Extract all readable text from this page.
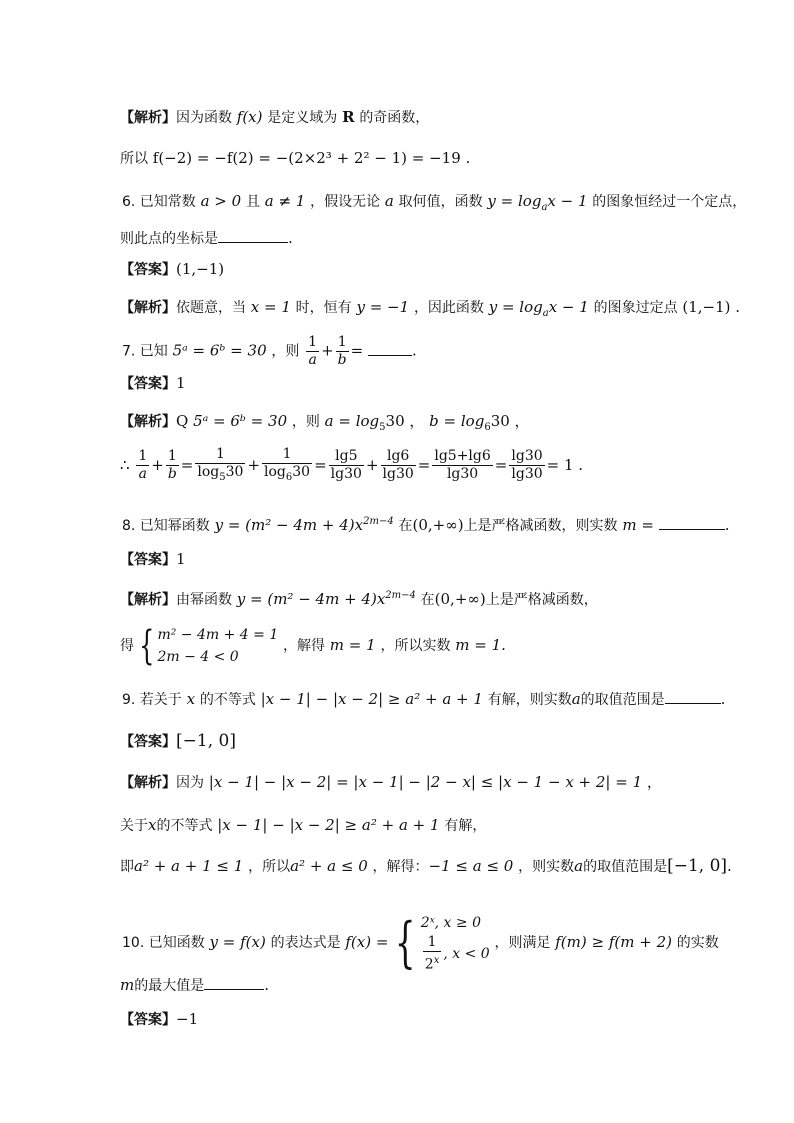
【解析】因为函数 f(x) 是定义域为 R 的奇函数，
所以 f(−2) = −f(2) = −(2×2³ + 2² − 1) = −19 .
6. 已知常数 a > 0 且 a ≠ 1 ，假设无论 a 取何值，函数 $y = \log_ax - 1$ 的图象恒经过一个定点，
则此点的坐标是	.
【答案】(1,−1)
【解析】依题意，当 x = 1 时，恒有 y = −1 ，因此函数 $y = \log_ax - 1$ 的图象过定点 (1,−1) .
7. 已知 5ᵃ = 6ᵇ = 30 ，则 $\frac{1}{a} + \frac{1}{b}$ =	.
【答案】1
【解析】Q 5ᵃ = 6ᵇ = 30 ，则 $a = \log_530$ ， $b = \log_630$ ，
∴ $\frac{1}{a} + \frac{1}{b} = \frac{1}{\log_530} + \frac{1}{\log_630} = \frac{\lg 5}{\lg 30} + \frac{\lg 6}{\lg 30} = \frac{\lg 5+\lg 6}{\lg 30} = \frac{\lg 30}{\lg 30} = 1$ .
8. 已知幂函数 $y = (m^2 - 4m + 4)x^{2m-4}$ 在(0,+∞)上是严格减函数，则实数 m =	.
【答案】1
【解析】由幂函数 $y = (m^2 - 4m + 4)x^{2m-4}$ 在(0,+∞)上是严格减函数，
得 { m² − 4m + 4 = 1
2m − 4 < 0 ，解得 m = 1 ，所以实数 m = 1.
9. 若关于 x 的不等式 |x − 1| − |x − 2| ≥ a² + a + 1 有解，则实数a的取值范围是	.
【答案】[−1, 0]
【解析】因为 |x − 1| − |x − 2| = |x − 1| − |2 − x| ≤ |x − 1 − x + 2| = 1 ，
关于x的不等式 |x − 1| − |x − 2| ≥ a² + a + 1 有解，
即a² + a + 1 ≤ 1 ，所以a² + a ≤ 0 ，解得：−1 ≤ a ≤ 0 ，则实数a的取值范围是[−1, 0].
10. 已知函数 y = f(x) 的表达式是 f(x) = { 2ˣ, x ≥ 0

$\frac{1}{2^x}$ , x < 0 ，则满足 f(m) ≥ f(m + 2) 的实数
m的最大值是	.
【答案】−1
